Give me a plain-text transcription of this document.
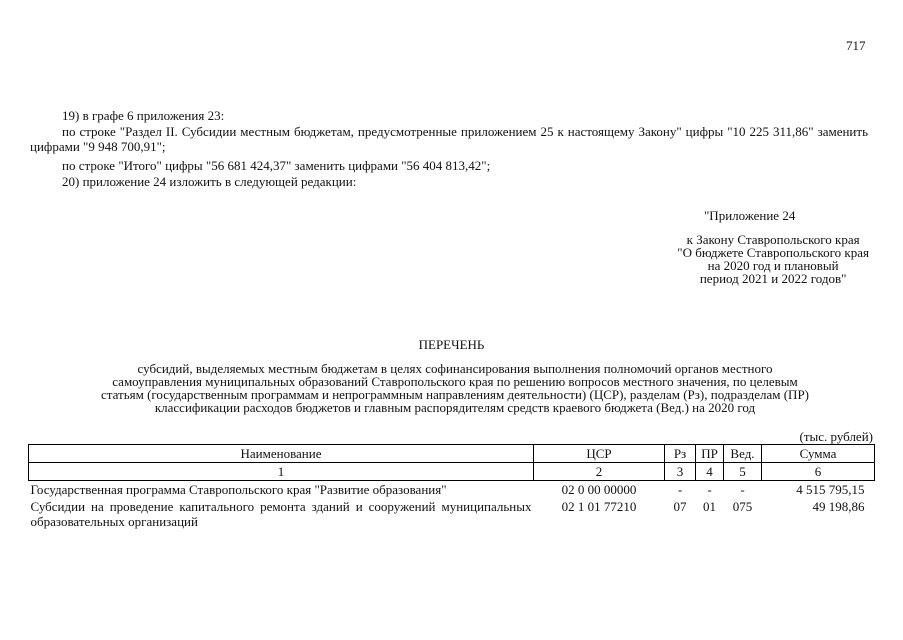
717
19) в графе 6 приложения 23:
по строке "Раздел II. Субсидии местным бюджетам, предусмотренные приложением 25 к настоящему Закону" цифры "10 225 311,86" заменить цифрами "9 948 700,91";
по строке "Итого" цифры "56 681 424,37" заменить цифрами "56 404 813,42";
20) приложение 24 изложить в следующей редакции:
"Приложение 24
к Закону Ставропольского края
"О бюджете Ставропольского края
на 2020 год и плановый
период 2021 и 2022 годов"
ПЕРЕЧЕНЬ
субсидий, выделяемых местным бюджетам в целях софинансирования выполнения полномочий органов местного
самоуправления муниципальных образований Ставропольского края по решению вопросов местного значения, по целевым
статьям (государственным программам и непрограммным направлениям деятельности) (ЦСР), разделам (Рз), подразделам (ПР)
классификации расходов бюджетов и главным распорядителям средств краевого бюджета (Вед.) на 2020 год
(тыс. рублей)
Наименование	ЦСР	Рз	ПР	Вед.	Сумма
1	2	3	4	5	6
Государственная программа Ставропольского края "Развитие образования"	02 0 00 00000	-	-	-	4 515 795,15
Субсидии на проведение капитального ремонта зданий и сооружений муниципальных образовательных организаций	02 1 01 77210	07	01	075	49 198,86
